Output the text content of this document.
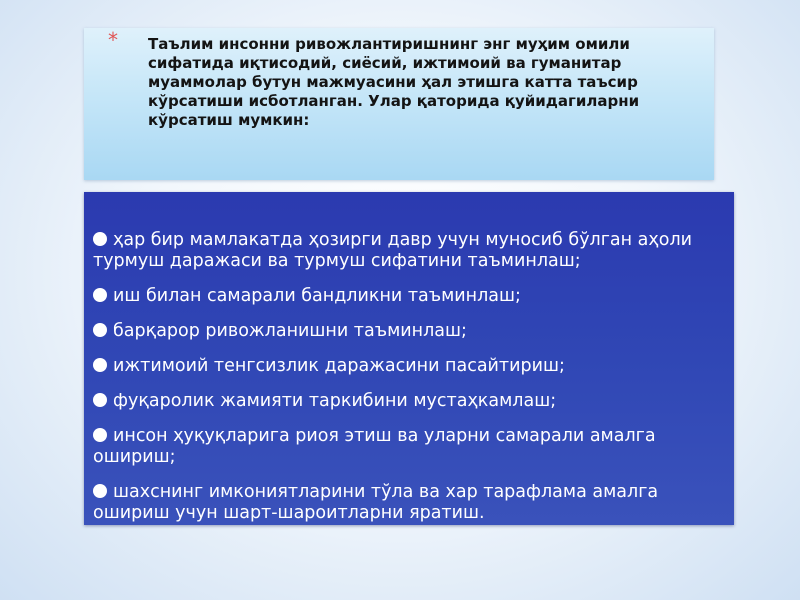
* Таълим инсонни ривожлантиришнинг энг муҳим омили сифатида иқтисодий, сиёсий, ижтимоий ва гуманитар муаммолар бутун мажмуасини ҳал этишга катта таъсир кўрсатиши исботланган. Улар қаторида қуйидагиларни кўрсатиш мумкин:
ҳар бир мамлакатда ҳозирги давр учун муносиб бўлган аҳоли турмуш даражаси ва турмуш сифатини таъминлаш;
иш билан самарали бандликни таъминлаш;
барқарор ривожланишни таъминлаш;
ижтимоий тенгсизлик даражасини пасайтириш;
фуқаролик жамияти таркибини мустаҳкамлаш;
инсон ҳуқуқларига риоя этиш ва уларни самарали амалга ошириш;
шахснинг имкониятларини тўла ва хар тарафлама амалга ошириш учун шарт-шароитларни яратиш.
